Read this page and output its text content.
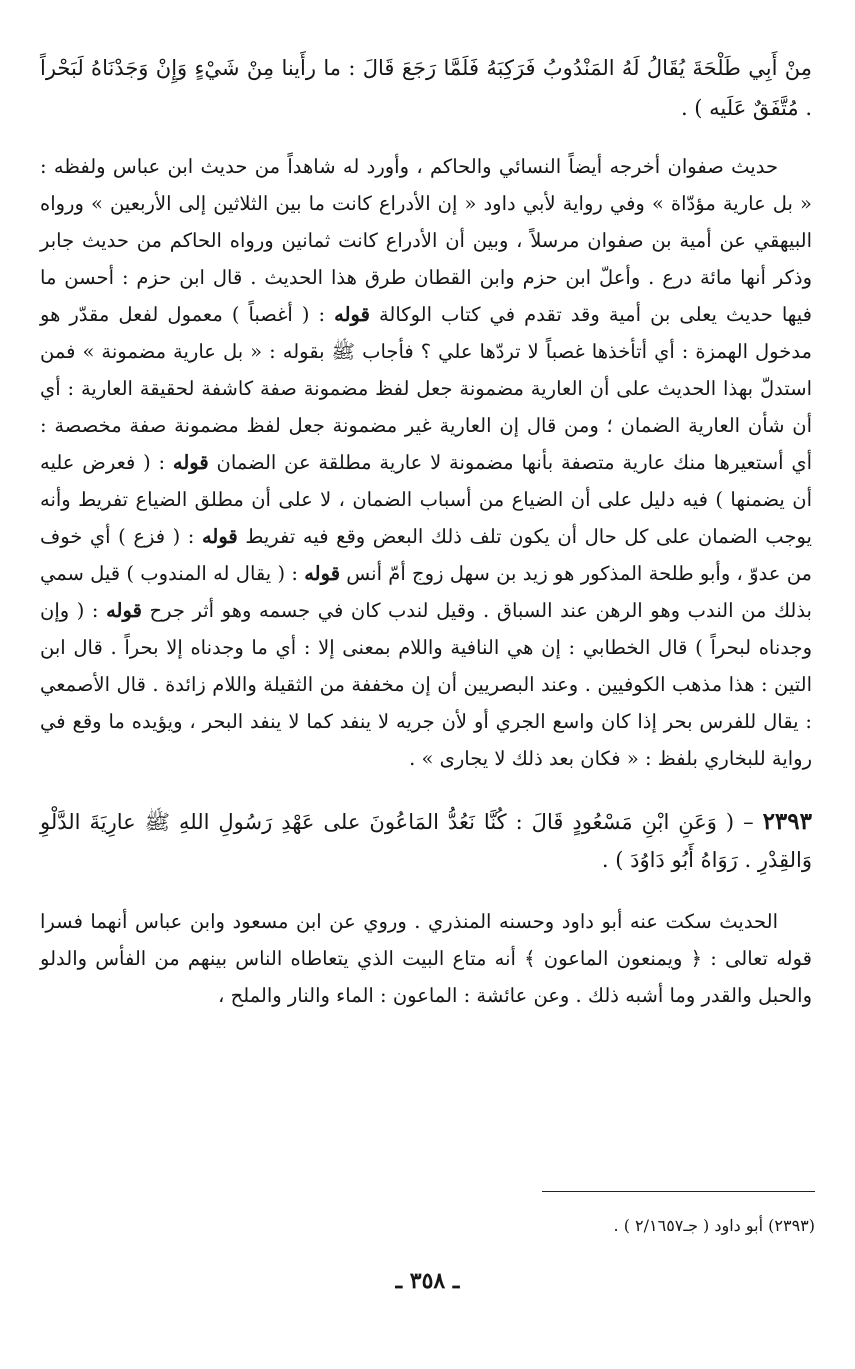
مِنْ أَبِي طَلْحَةَ يُقَالُ لَهُ المَنْدُوبُ فَرَكِبَهُ فَلَمَّا رَجَعَ قَالَ : ما رأَينا مِنْ شَيْءٍ وَإِنْ وَجَدْنَاهُ لَبَحْراً . مُتَّفَقٌ عَلَيه ) .

حديث صفوان أخرجه أيضاً النسائي والحاكم ، وأورد له شاهداً من حديث ابن عباس ولفظه : « بل عارية مؤدّاة » وفي رواية لأبي داود « إن الأدراع كانت ما بين الثلاثين إلى الأربعين » ورواه البيهقي عن أمية بن صفوان مرسلاً ، وبين أن الأدراع كانت ثمانين ورواه الحاكم من حديث جابر وذكر أنها مائة درع . وأعلّ ابن حزم وابن القطان طرق هذا الحديث . قال ابن حزم : أحسن ما فيها حديث يعلى بن أمية وقد تقدم في كتاب الوكالة قوله : ( أغصباً ) معمول لفعل مقدّر هو مدخول الهمزة : أي أتأخذها غصباً لا تردّها علي ؟ فأجاب ﷺ بقوله : « بل عارية مضمونة » فمن استدلّ بهذا الحديث على أن العارية مضمونة جعل لفظ مضمونة صفة كاشفة لحقيقة العارية : أي أن شأن العارية الضمان ؛ ومن قال إن العارية غير مضمونة جعل لفظ مضمونة صفة مخصصة : أي أستعيرها منك عارية متصفة بأنها مضمونة لا عارية مطلقة عن الضمان قوله : ( فعرض عليه أن يضمنها ) فيه دليل على أن الضياع من أسباب الضمان ، لا على أن مطلق الضياع تفريط وأنه يوجب الضمان على كل حال أن يكون تلف ذلك البعض وقع فيه تفريط قوله : ( فزع ) أي خوف من عدوّ ، وأبو طلحة المذكور هو زيد بن سهل زوج أمّ أنس قوله : ( يقال له المندوب ) قيل سمي بذلك من الندب وهو الرهن عند السباق . وقيل لندب كان في جسمه وهو أثر جرح قوله : ( وإن وجدناه لبحراً ) قال الخطابي : إن هي النافية واللام بمعنى إلا : أي ما وجدناه إلا بحراً . قال ابن التين : هذا مذهب الكوفيين . وعند البصريين أن إن مخففة من الثقيلة واللام زائدة . قال الأصمعي : يقال للفرس بحر إذا كان واسع الجري أو لأن جريه لا ينفد كما لا ينفد البحر ، ويؤيده ما وقع في رواية للبخاري بلفظ : « فكان بعد ذلك لا يجارى » .

٢٣٩٣ – ( وَعَنِ ابْنِ مَسْعُودٍ قَالَ : كُنَّا نَعُدُّ المَاعُونَ على عَهْدِ رَسُولِ اللهِ ﷺ عارِيَةَ الدَّلْوِ وَالقِدْرِ . رَوَاهُ أَبُو دَاوُدَ ) .

الحديث سكت عنه أبو داود وحسنه المنذري . وروي عن ابن مسعود وابن عباس أنهما فسرا قوله تعالى : ﴿ ويمنعون الماعون ﴾ أنه متاع البيت الذي يتعاطاه الناس بينهم من الفأس والدلو والحبل والقدر وما أشبه ذلك . وعن عائشة : الماعون : الماء والنار والملح ،

(٢٣٩٣) أبو داود ( جـ٢/١٦٥٧ ) .
ـ ٣٥٨ ـ
